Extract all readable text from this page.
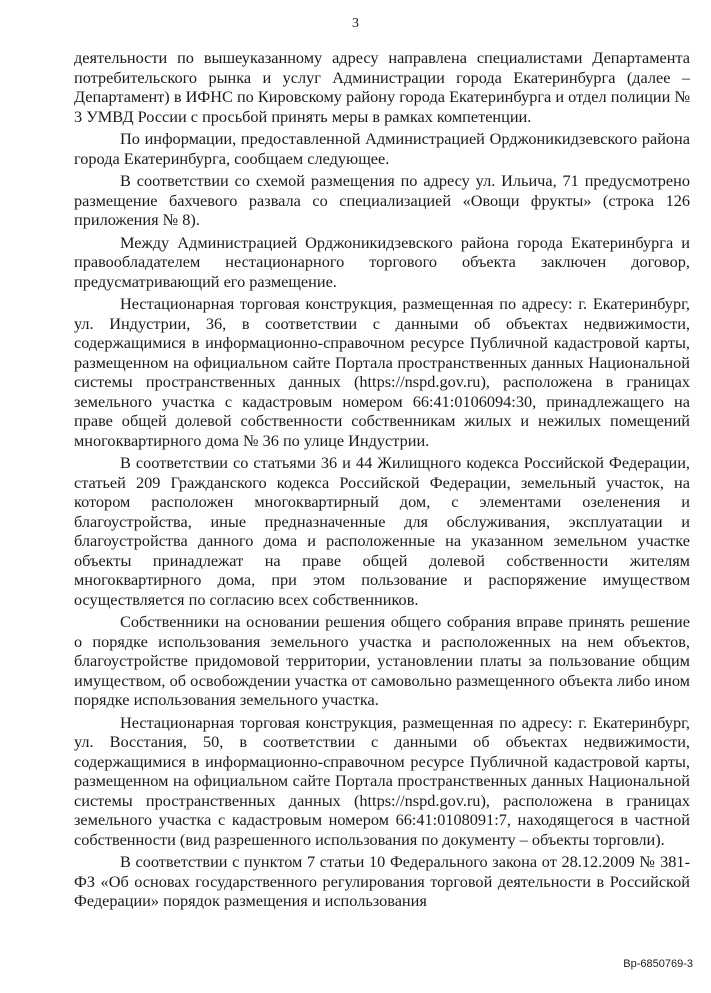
3

деятельности по вышеуказанному адресу направлена специалистами Департамента потребительского рынка и услуг Администрации города Екатеринбурга (далее – Департамент) в ИФНС по Кировскому району города Екатеринбурга и отдел полиции № 3 УМВД России с просьбой принять меры в рамках компетенции.

По информации, предоставленной Администрацией Орджоникидзевского района города Екатеринбурга, сообщаем следующее.

В соответствии со схемой размещения по адресу ул. Ильича, 71 предусмотрено размещение бахчевого развала со специализацией «Овощи фрукты» (строка 126 приложения № 8).

Между Администрацией Орджоникидзевского района города Екатеринбурга и правообладателем нестационарного торгового объекта заключен договор, предусматривающий его размещение.

Нестационарная торговая конструкция, размещенная по адресу: г. Екатеринбург, ул. Индустрии, 36, в соответствии с данными об объектах недвижимости, содержащимися в информационно-справочном ресурсе Публичной кадастровой карты, размещенном на официальном сайте Портала пространственных данных Национальной системы пространственных данных (https://nspd.gov.ru), расположена в границах земельного участка с кадастровым номером 66:41:0106094:30, принадлежащего на праве общей долевой собственности собственникам жилых и нежилых помещений многоквартирного дома № 36 по улице Индустрии.

В соответствии со статьями 36 и 44 Жилищного кодекса Российской Федерации, статьей 209 Гражданского кодекса Российской Федерации, земельный участок, на котором расположен многоквартирный дом, с элементами озеленения и благоустройства, иные предназначенные для обслуживания, эксплуатации и благоустройства данного дома и расположенные на указанном земельном участке объекты принадлежат на праве общей долевой собственности жителям многоквартирного дома, при этом пользование и распоряжение имуществом осуществляется по согласию всех собственников.

Собственники на основании решения общего собрания вправе принять решение о порядке использования земельного участка и расположенных на нем объектов, благоустройстве придомовой территории, установлении платы за пользование общим имуществом, об освобождении участка от самовольно размещенного объекта либо ином порядке использования земельного участка.

Нестационарная торговая конструкция, размещенная по адресу: г. Екатеринбург, ул. Восстания, 50, в соответствии с данными об объектах недвижимости, содержащимися в информационно-справочном ресурсе Публичной кадастровой карты, размещенном на официальном сайте Портала пространственных данных Национальной системы пространственных данных (https://nspd.gov.ru), расположена в границах земельного участка с кадастровым номером 66:41:0108091:7, находящегося в частной собственности (вид разрешенного использования по документу – объекты торговли).

В соответствии с пунктом 7 статьи 10 Федерального закона от 28.12.2009 № 381-ФЗ «Об основах государственного регулирования торговой деятельности в Российской Федерации» порядок размещения и использования

Вр-6850769-3
